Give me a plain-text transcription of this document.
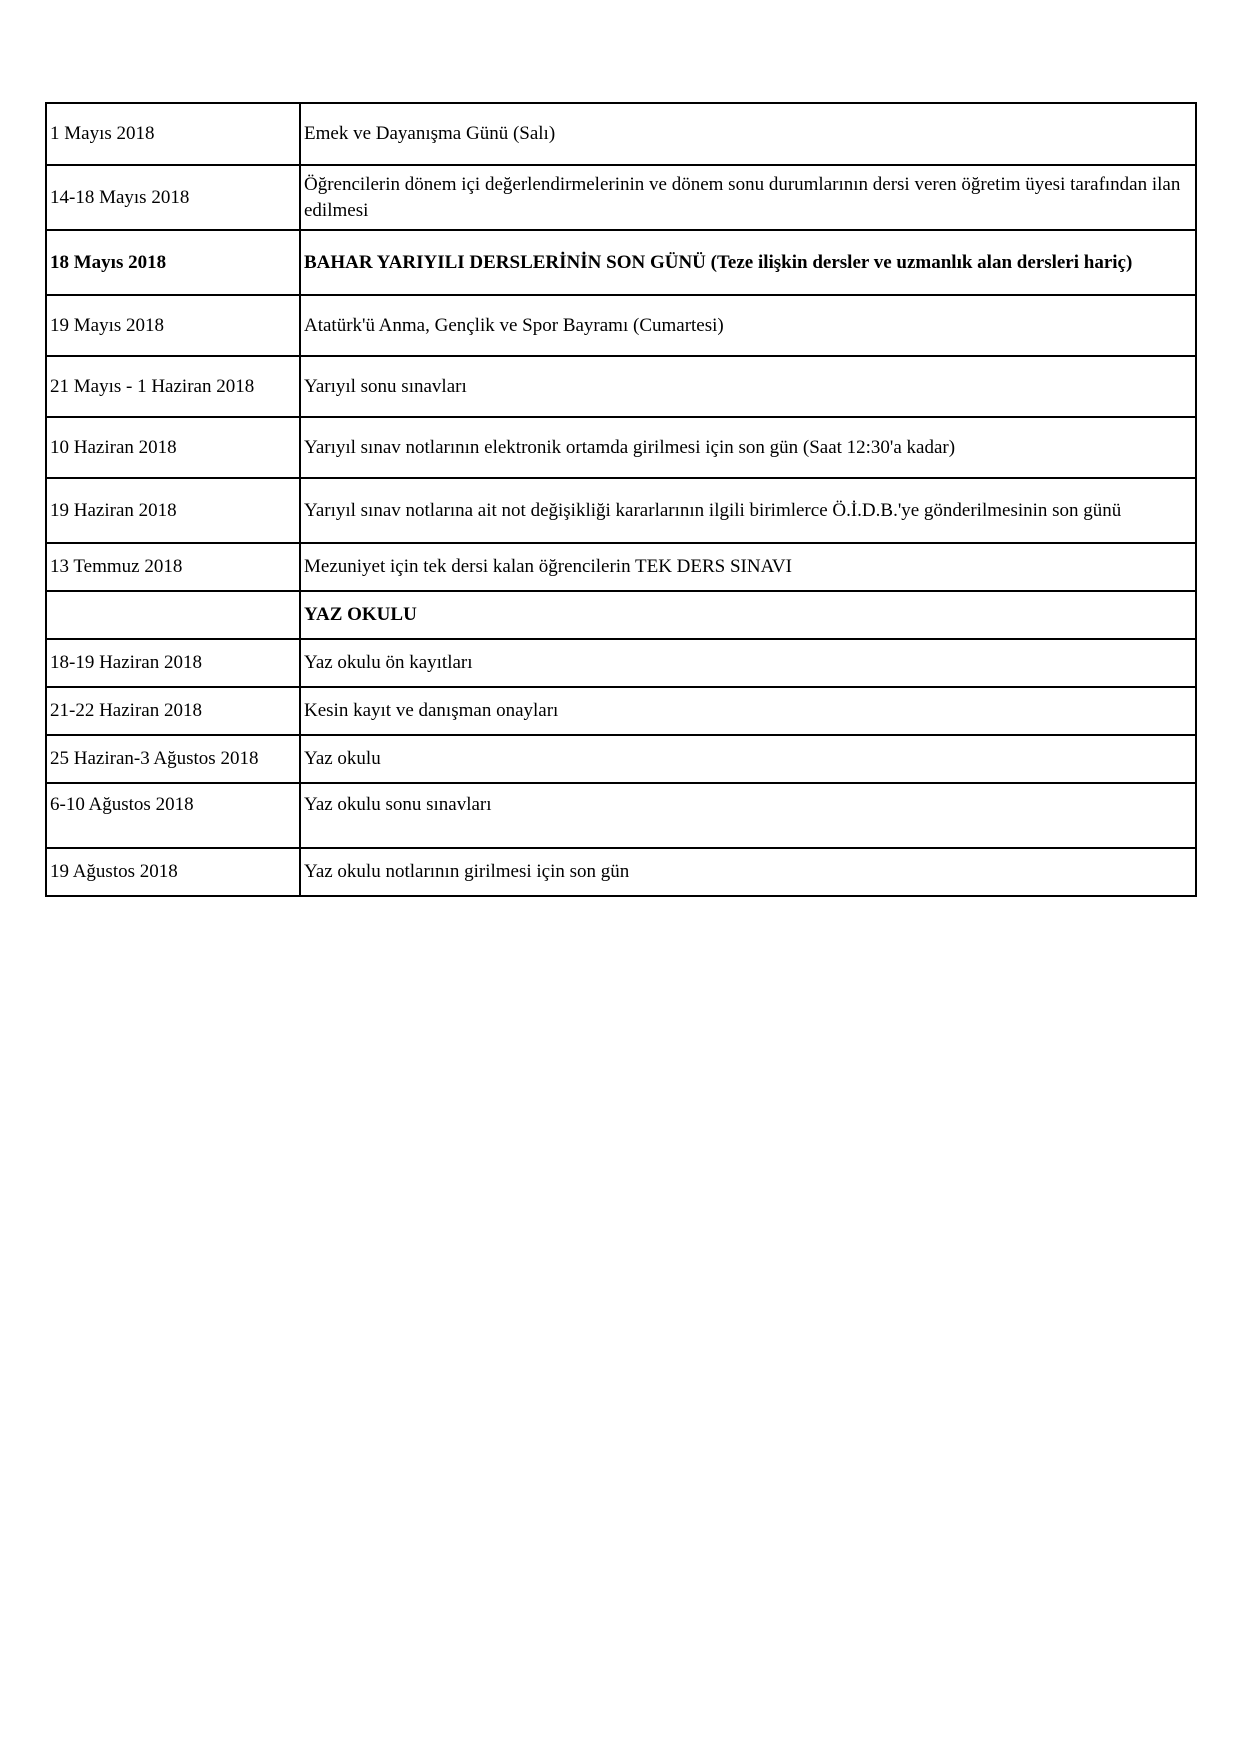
1 Mayıs 2018	Emek ve Dayanışma Günü (Salı)
14-18 Mayıs 2018	Öğrencilerin dönem içi değerlendirmelerinin ve dönem sonu durumlarının dersi veren öğretim üyesi tarafından ilan edilmesi
18 Mayıs 2018	BAHAR YARIYILI DERSLERİNİN SON GÜNÜ (Teze ilişkin dersler ve uzmanlık alan dersleri hariç)
19 Mayıs 2018	Atatürk'ü Anma, Gençlik ve Spor Bayramı (Cumartesi)
21 Mayıs - 1 Haziran 2018	Yarıyıl sonu sınavları
10 Haziran 2018	Yarıyıl sınav notlarının elektronik ortamda girilmesi için son gün (Saat 12:30'a kadar)
19 Haziran 2018	Yarıyıl sınav notlarına ait not değişikliği kararlarının ilgili birimlerce Ö.İ.D.B.'ye gönderilmesinin son günü
13 Temmuz 2018	Mezuniyet için tek dersi kalan öğrencilerin TEK DERS SINAVI
	YAZ OKULU
18-19 Haziran 2018	Yaz okulu ön kayıtları
21-22 Haziran 2018	Kesin kayıt ve danışman onayları
25 Haziran-3 Ağustos 2018	Yaz okulu
6-10 Ağustos 2018	Yaz okulu sonu sınavları
19 Ağustos 2018	Yaz okulu notlarının girilmesi için son gün
